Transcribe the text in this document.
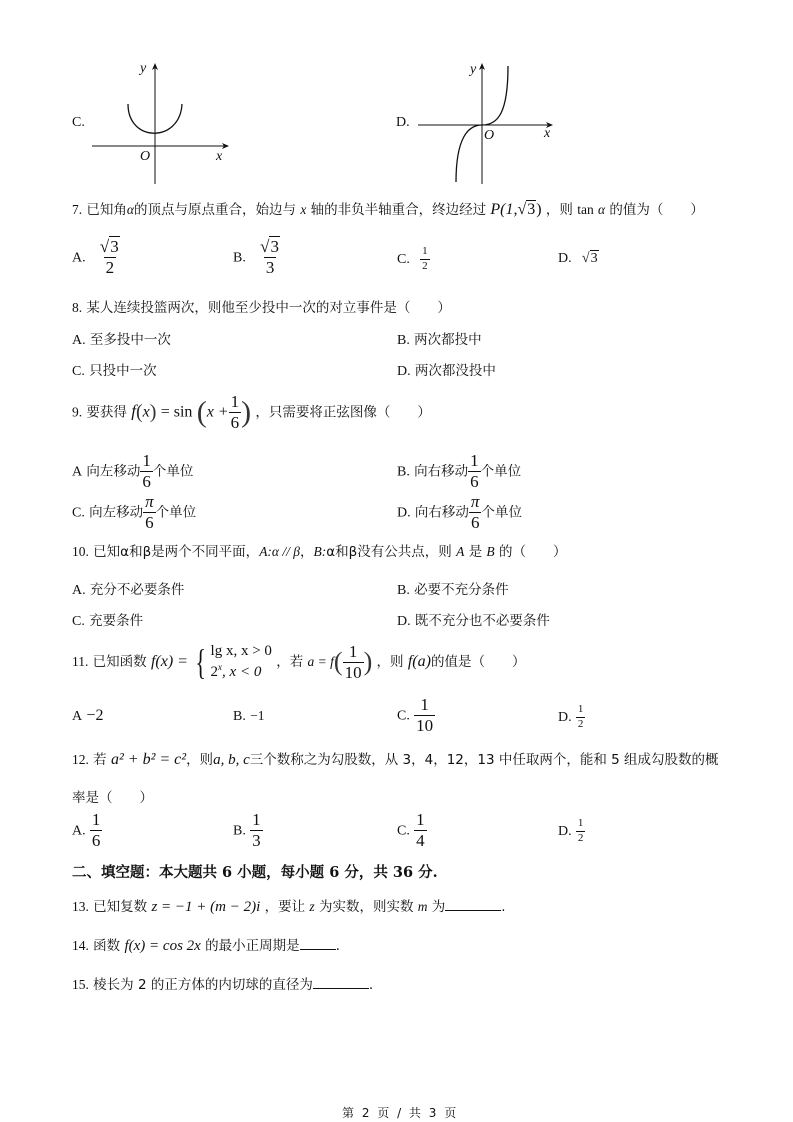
C.
y
O	x
D.
y
O	x
7. 已知角α的顶点与原点重合，始边与 x 轴的非负半轴重合，终边经过 P(1,√3) ，则 tan α 的值为（　　）
A. $\frac{√3}{2}$	B. $\frac{√3}{3}$	C. $\frac{1}{2}$	D. √3
8. 某人连续投篮两次，则他至少投中一次的对立事件是（　　）
A. 至多投中一次	B. 两次都投中
C. 只投中一次	D. 两次都没投中
9. 要获得 $f(x) = \sin (x + \frac{1}{6}$ ) ，只需要将正弦图像（　　）
A 向左移动 $\frac{1}{6}$ 个单位	B. 向右移动 $\frac{1}{6}$ 个单位
C. 向左移动 $\frac{\pi}{6}$ 个单位	D. 向右移动 $\frac{\pi}{6}$ 个单位
10. 已知α和β是两个不同平面，A:α // β，B:α和β没有公共点，则 A 是 B 的（　　）
A. 充分不必要条件	B. 必要不充分条件
C. 充要条件	D. 既不充分也不必要条件
11. 已知函数 f(x) = { lg x, x > 0
2$^x$, x < 0
，若 $a = f( \frac{1}{10}$ ) ，则 f(a)的值是（　　）
A −2	B. −1	C. $\frac{1}{10}$	D. $\frac{1}{2}$
12. 若 a² + b² = c²，则a, b, c三个数称之为勾股数，从 3，4，12，13 中任取两个，能和 5 组成勾股数的概
率是（　　）
A. $\frac{1}{6}$	B. $\frac{1}{3}$	C. $\frac{1}{4}$	D. $\frac{1}{2}$
二、填空题：本大题共 6 小题，每小题 6 分，共 36 分.
13. 已知复数 z = −1 + (m − 2)i ，要让 z 为实数，则实数 m 为	.
14. 函数 f(x) = cos 2x 的最小正周期是	.
15. 棱长为 2 的正方体的内切球的直径为	.
第 2 页 / 共 3 页
